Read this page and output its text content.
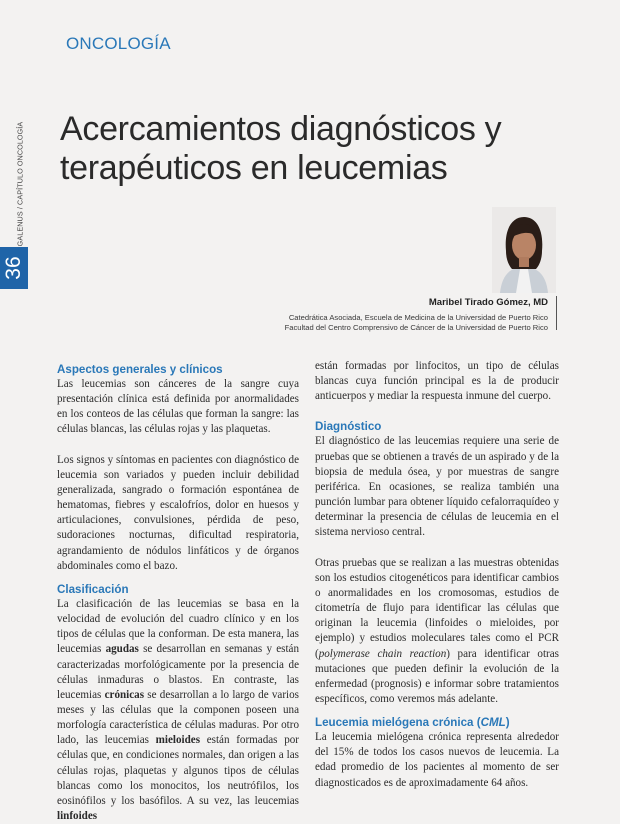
ONCOLOGÍA
GALENUS / CAPÍTULO ONCOLOGÍA
36
Acercamientos diagnósticos y
terapéuticos en leucemias
Maribel Tirado Gómez, MD
Catedrática Asociada, Escuela de Medicina de la Universidad de Puerto Rico
Facultad del Centro Comprensivo de Cáncer de la Universidad de Puerto Rico
Aspectos generales y clínicos

Las leucemias son cánceres de la sangre cuya presentación clínica está definida por anormalidades en los conteos de las células que forman la sangre: las células blancas, las células rojas y las plaquetas.

Los signos y síntomas en pacientes con diagnóstico de leucemia son variados y pueden incluir debilidad generalizada, sangrado o formación espontánea de hematomas, fiebres y escalofríos, dolor en huesos y articulaciones, convulsiones, pérdida de peso, sudoraciones nocturnas, dificultad respiratoria, agrandamiento de nódulos linfáticos y de órganos abdominales como el bazo.

Clasificación

La clasificación de las leucemias se basa en la velocidad de evolución del cuadro clínico y en los tipos de células que la conforman. De esta manera, las leucemias agudas se desarrollan en semanas y están caracterizadas morfológicamente por la presencia de células inmaduras o blastos. En contraste, las leucemias crónicas se desarrollan a lo largo de varios meses y las células que la componen poseen una morfología característica de células maduras. Por otro lado, las leucemias mieloides están formadas por células que, en condiciones normales, dan origen a las células rojas, plaquetas y algunos tipos de células blancas como los monocitos, los neutrófilos, los eosinófilos y los basófilos. A su vez, las leucemias linfoides

están formadas por linfocitos, un tipo de células blancas cuya función principal es la de producir anticuerpos y mediar la respuesta inmune del cuerpo.

Diagnóstico

El diagnóstico de las leucemias requiere una serie de pruebas que se obtienen a través de un aspirado y de la biopsia de medula ósea, y por muestras de sangre periférica. En ocasiones, se realiza también una punción lumbar para obtener líquido cefalorraquídeo y determinar la presencia de células de leucemia en el sistema nervioso central.

Otras pruebas que se realizan a las muestras obtenidas son los estudios citogenéticos para identificar cambios o anormalidades en los cromosomas, estudios de citometría de flujo para identificar las células que originan la leucemia (linfoides o mieloides, por ejemplo) y estudios moleculares tales como el PCR (polymerase chain reaction) para identificar otras mutaciones que pueden definir la evolución de la enfermedad (prognosis) e informar sobre tratamientos específicos, como veremos más adelante.

Leucemia mielógena crónica (CML)

La leucemia mielógena crónica representa alrededor del 15% de todos los casos nuevos de leucemia. La edad promedio de los pacientes al momento de ser diagnosticados es de aproximadamente 64 años.
